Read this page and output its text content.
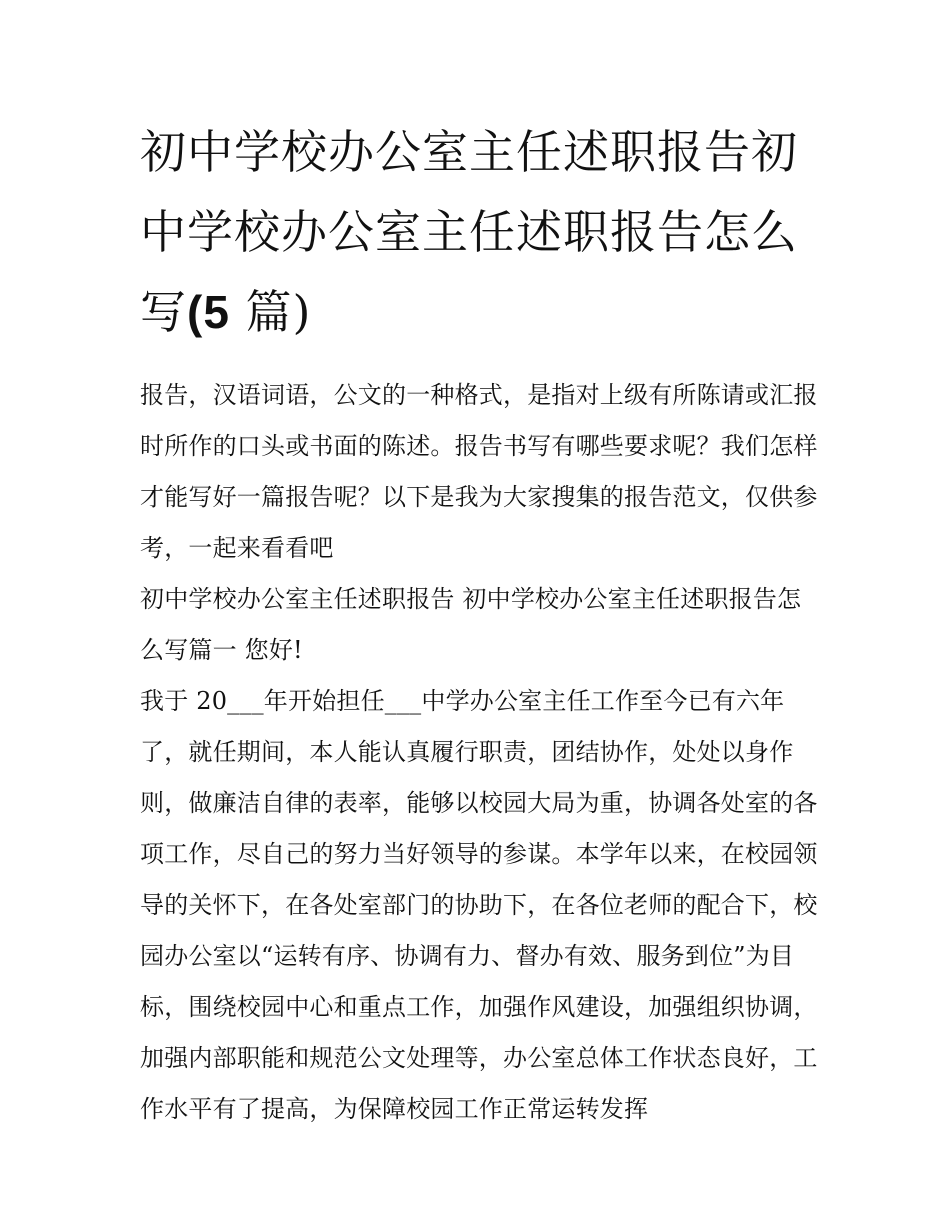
初中学校办公室主任述职报告初中学校办公室主任述职报告怎么写(5 篇)

报告，汉语词语，公文的一种格式，是指对上级有所陈请或汇报时所作的口头或书面的陈述。报告书写有哪些要求呢？我们怎样才能写好一篇报告呢？以下是我为大家搜集的报告范文，仅供参考，一起来看看吧

初中学校办公室主任述职报告 初中学校办公室主任述职报告怎么写篇一 您好!

我于 20___年开始担任___中学办公室主任工作至今已有六年了，就任期间，本人能认真履行职责，团结协作，处处以身作则，做廉洁自律的表率，能够以校园大局为重，协调各处室的各项工作，尽自己的努力当好领导的参谋。本学年以来，在校园领导的关怀下，在各处室部门的协助下，在各位老师的配合下，校园办公室以“运转有序、协调有力、督办有效、服务到位”为目标，围绕校园中心和重点工作，加强作风建设，加强组织协调，加强内部职能和规范公文处理等，办公室总体工作状态良好，工作水平有了提高，为保障校园工作正常运转发挥
